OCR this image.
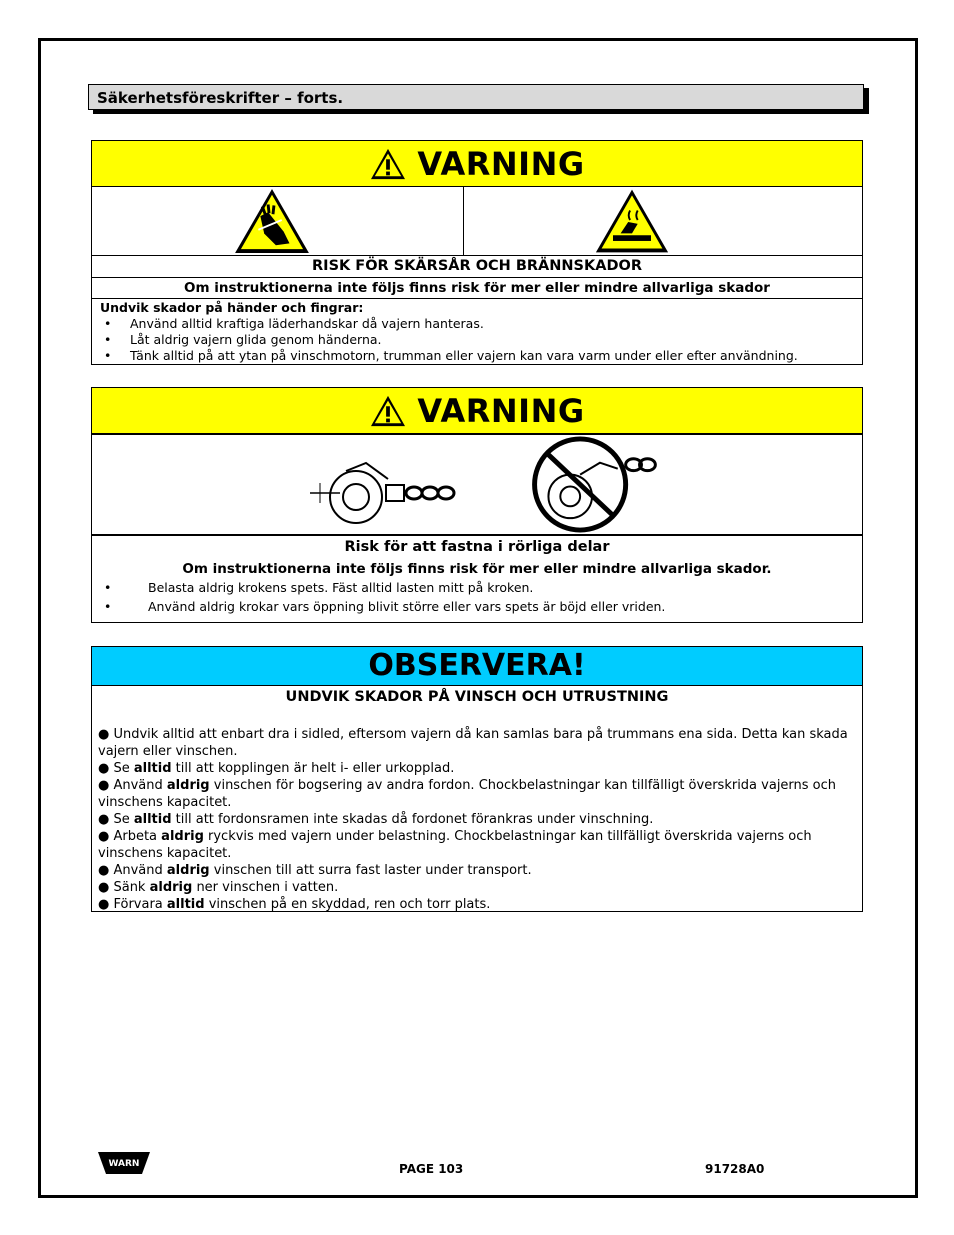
Säkerhetsföreskrifter – forts.
VARNING
RISK FÖR SKÄRSÅR OCH BRÄNNSKADOR
Om instruktionerna inte följs finns risk för mer eller mindre allvarliga skador
Undvik skador på händer och fingrar:
• Använd alltid kraftiga läderhandskar då vajern hanteras.
• Låt aldrig vajern glida genom händerna.
• Tänk alltid på att ytan på vinschmotorn, trumman eller vajern kan vara varm under eller efter användning.
VARNING
Risk för att fastna i rörliga delar
Om instruktionerna inte följs finns risk för mer eller mindre allvarliga skador.
• Belasta aldrig krokens spets. Fäst alltid lasten mitt på kroken.
• Använd aldrig krokar vars öppning blivit större eller vars spets är böjd eller vriden.
OBSERVERA!
UNDVIK SKADOR PÅ VINSCH OCH UTRUSTNING

● Undvik alltid att enbart dra i sidled, eftersom vajern då kan samlas bara på trummans ena sida. Detta kan skada vajern eller vinschen.

● Se alltid till att kopplingen är helt i- eller urkopplad.

● Använd aldrig vinschen för bogsering av andra fordon. Chockbelastningar kan tillfälligt överskrida vajerns och vinschens kapacitet.

● Se alltid till att fordonsramen inte skadas då fordonet förankras under vinschning.

● Arbeta aldrig ryckvis med vajern under belastning. Chockbelastningar kan tillfälligt överskrida vajerns och vinschens kapacitet.

● Använd aldrig vinschen till att surra fast laster under transport.

● Sänk aldrig ner vinschen i vatten.

● Förvara alltid vinschen på en skyddad, ren och torr plats.

WARN	PAGE 103	91728A0
